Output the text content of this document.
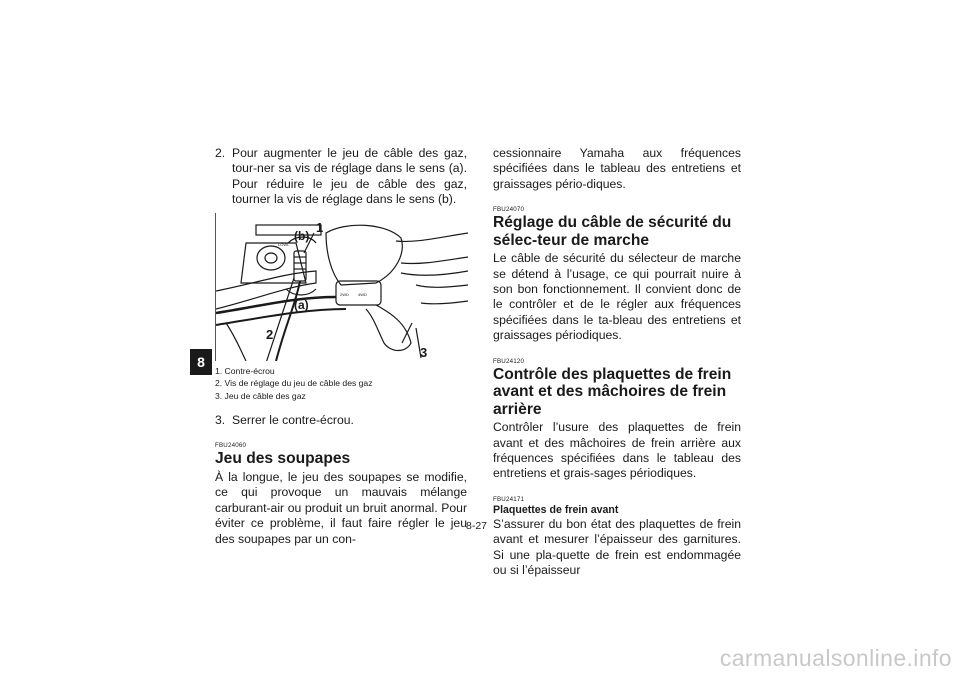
8
2. Pour augmenter le jeu de câble des gaz, tour-ner sa vis de réglage dans le sens (a). Pour réduire le jeu de câble des gaz, tourner la vis de réglage dans le sens (b).
(b)
1
(a)
2
3
LOWL
2WD 4WD
1. Contre-écrou
2. Vis de réglage du jeu de câble des gaz
3. Jeu de câble des gaz
3. Serrer le contre-écrou.
FBU24060
Jeu des soupapes

À la longue, le jeu des soupapes se modifie, ce qui provoque un mauvais mélange carburant-air ou produit un bruit anormal. Pour éviter ce problème, il faut faire régler le jeu des soupapes par un con-

cessionnaire Yamaha aux fréquences spécifiées dans le tableau des entretiens et graissages pério-diques.

FBU24070
Réglage du câble de sécurité du sélec-teur de marche

Le câble de sécurité du sélecteur de marche se détend à l’usage, ce qui pourrait nuire à son bon fonctionnement. Il convient donc de le contrôler et de le régler aux fréquences spécifiées dans le ta-bleau des entretiens et graissages périodiques.

FBU24120
Contrôle des plaquettes de frein avant et des mâchoires de frein arrière

Contrôler l’usure des plaquettes de frein avant et des mâchoires de frein arrière aux fréquences spécifiées dans le tableau des entretiens et grais-sages périodiques.

FBU24171
Plaquettes de frein avant

S’assurer du bon état des plaquettes de frein avant et mesurer l’épaisseur des garnitures. Si une pla-quette de frein est endommagée ou si l’épaisseur

8-27
carmanualsonline.info
